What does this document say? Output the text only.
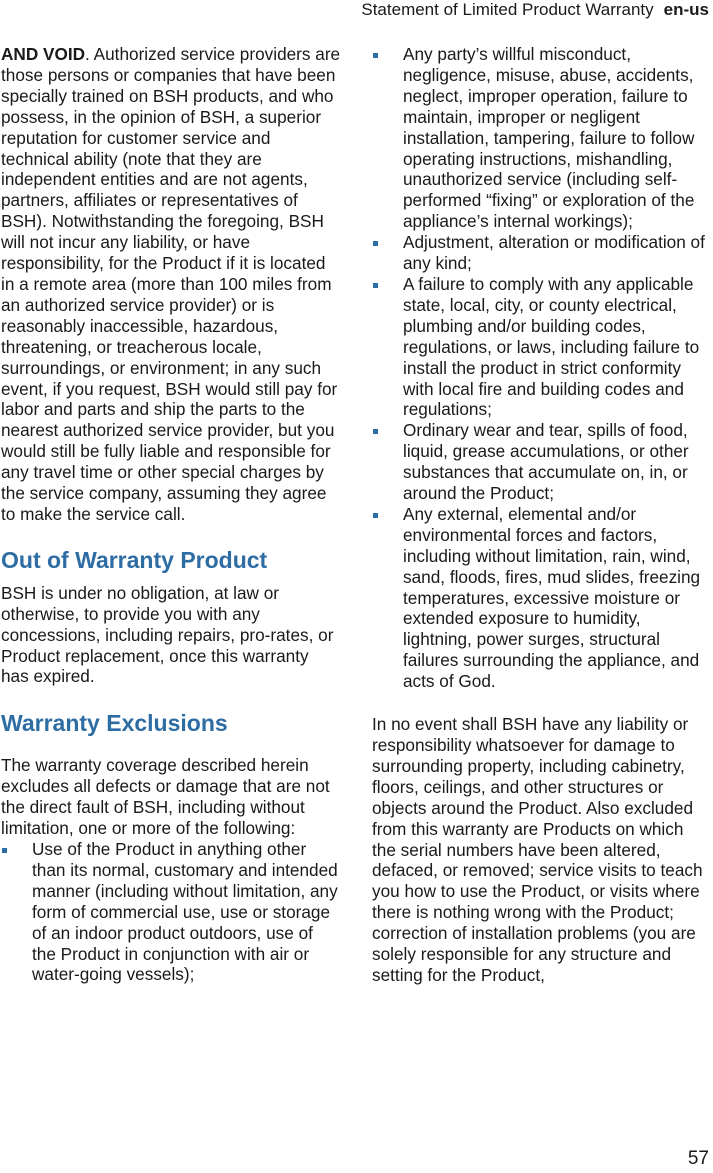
Statement of Limited Product Warranty en-us

AND VOID. Authorized service providers are those persons or companies that have been specially trained on BSH products, and who possess, in the opinion of BSH, a superior reputation for customer service and technical ability (note that they are independent entities and are not agents, partners, affiliates or representatives of BSH). Notwithstanding the foregoing, BSH will not incur any liability, or have responsibility, for the Product if it is located in a remote area (more than 100 miles from an authorized service provider) or is reasonably inaccessible, hazardous, threatening, or treacherous locale, surroundings, or environment; in any such event, if you request, BSH would still pay for labor and parts and ship the parts to the nearest authorized service provider, but you would still be fully liable and responsible for any travel time or other special charges by the service company, assuming they agree to make the service call.

Out of Warranty Product

BSH is under no obligation, at law or otherwise, to provide you with any concessions, including repairs, pro-rates, or Product replacement, once this warranty has expired.

Warranty Exclusions

The warranty coverage described herein excludes all defects or damage that are not the direct fault of BSH, including without limitation, one or more of the following:

Use of the Product in anything other than its normal, customary and intended manner (including without limitation, any form of commercial use, use or storage of an indoor product outdoors, use of the Product in conjunction with air or water-going vessels);
Any party’s willful misconduct, negligence, misuse, abuse, accidents, neglect, improper operation, failure to maintain, improper or negligent installation, tampering, failure to follow operating instructions, mishandling, unauthorized service (including self-performed “fixing” or exploration of the appliance’s internal workings);
Adjustment, alteration or modification of any kind;
A failure to comply with any applicable state, local, city, or county electrical, plumbing and/or building codes, regulations, or laws, including failure to install the product in strict conformity with local fire and building codes and regulations;
Ordinary wear and tear, spills of food, liquid, grease accumulations, or other substances that accumulate on, in, or around the Product;
Any external, elemental and/or environmental forces and factors, including without limitation, rain, wind, sand, floods, fires, mud slides, freezing temperatures, excessive moisture or extended exposure to humidity, lightning, power surges, structural failures surrounding the appliance, and acts of God.

In no event shall BSH have any liability or responsibility whatsoever for damage to surrounding property, including cabinetry, floors, ceilings, and other structures or objects around the Product. Also excluded from this warranty are Products on which the serial numbers have been altered, defaced, or removed; service visits to teach you how to use the Product, or visits where there is nothing wrong with the Product; correction of installation problems (you are solely responsible for any structure and setting for the Product,

57
